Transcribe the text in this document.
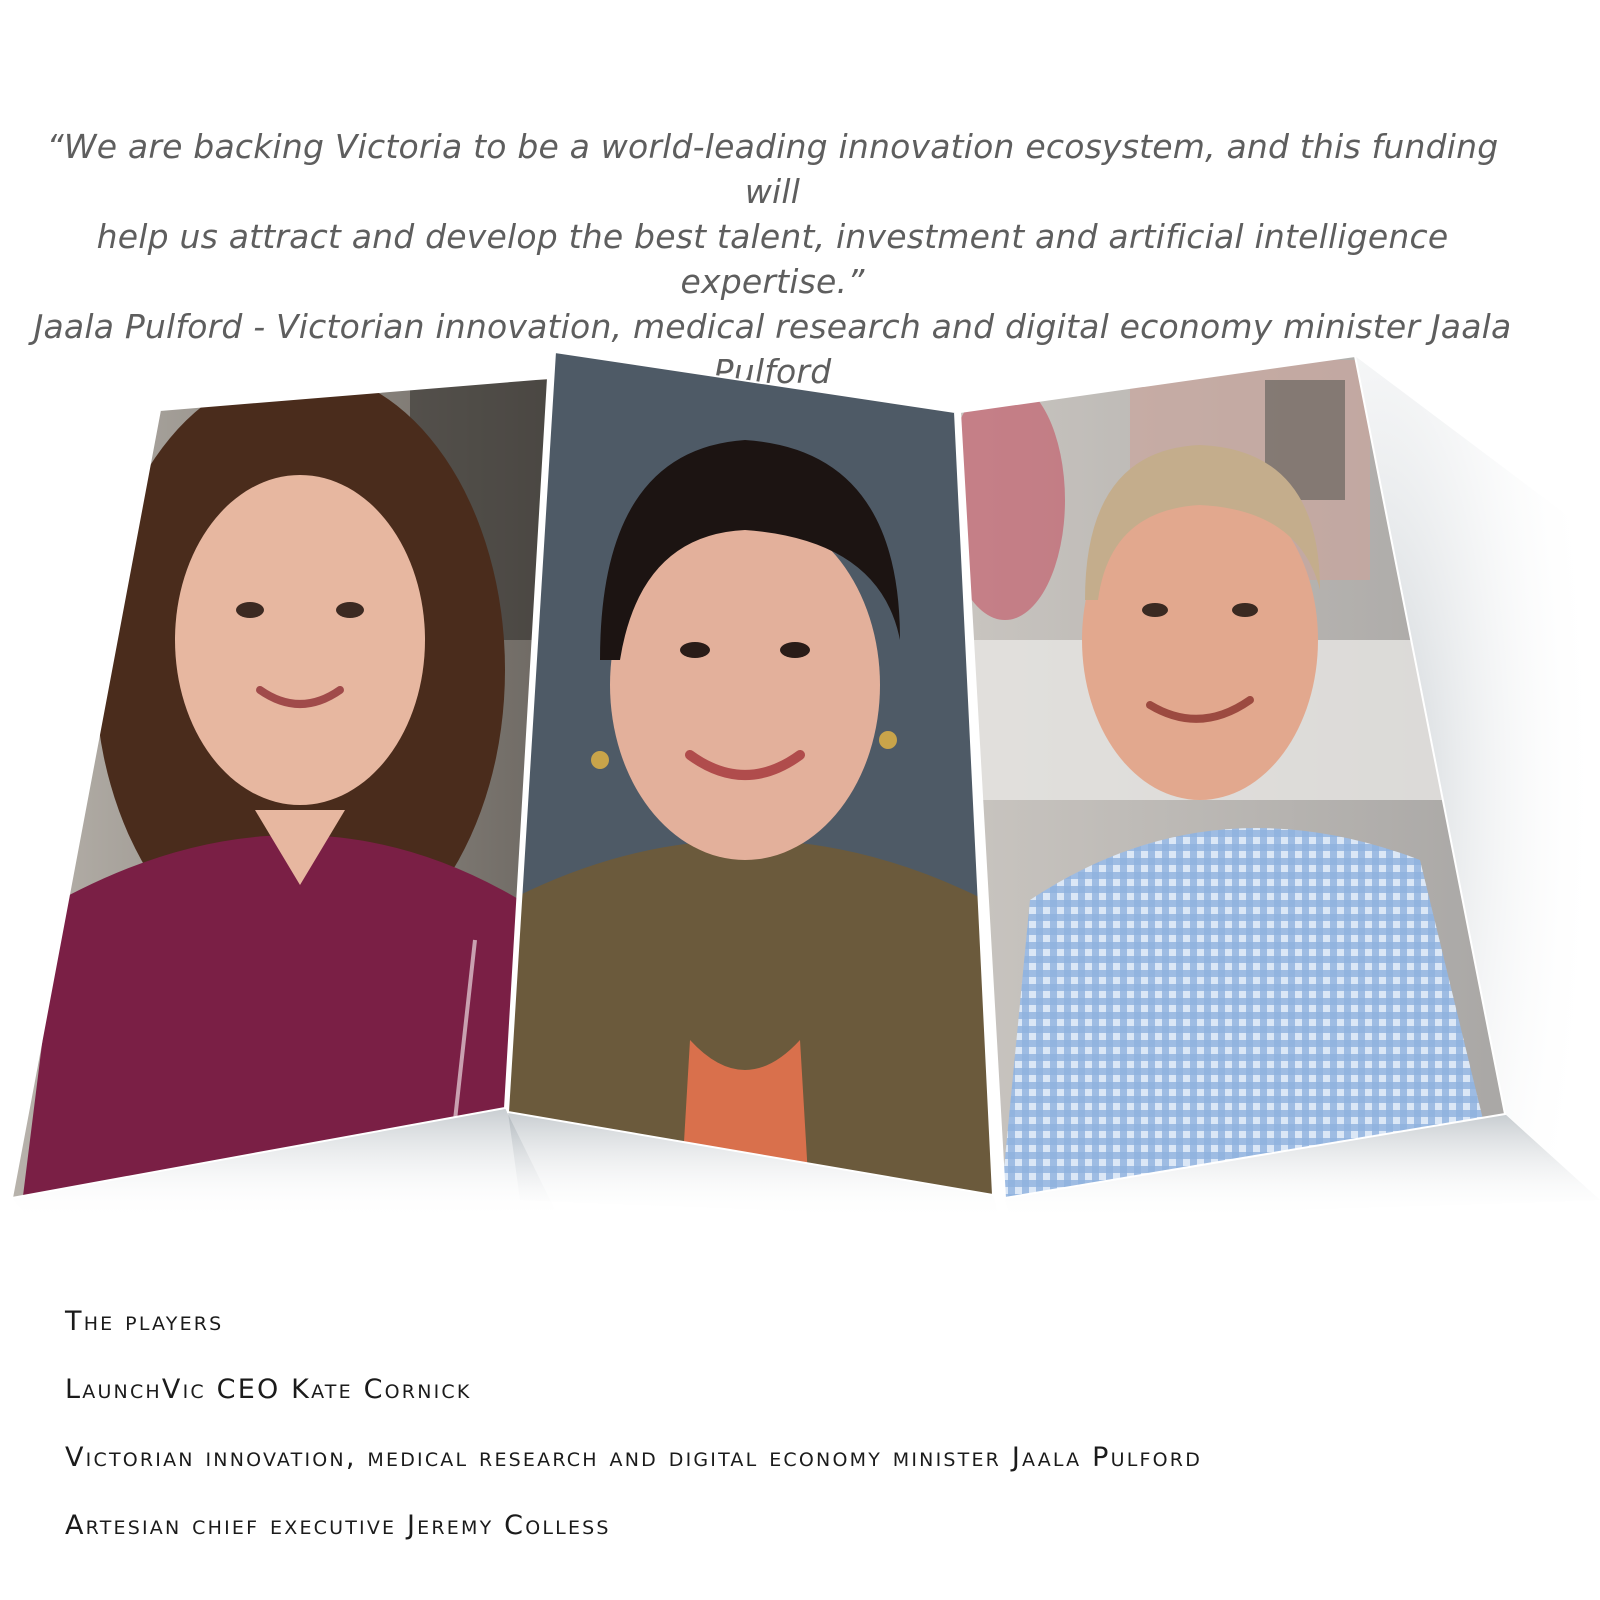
“We are backing Victoria to be a world-leading innovation ecosystem, and this funding will

help us attract and develop the best talent, investment and artificial intelligence expertise.”

Jaala Pulford - Victorian innovation, medical research and digital economy minister Jaala

Pulford

The players

LaunchVic CEO Kate Cornick

Victorian innovation, medical research and digital economy minister Jaala Pulford

Artesian chief executive Jeremy Colless
